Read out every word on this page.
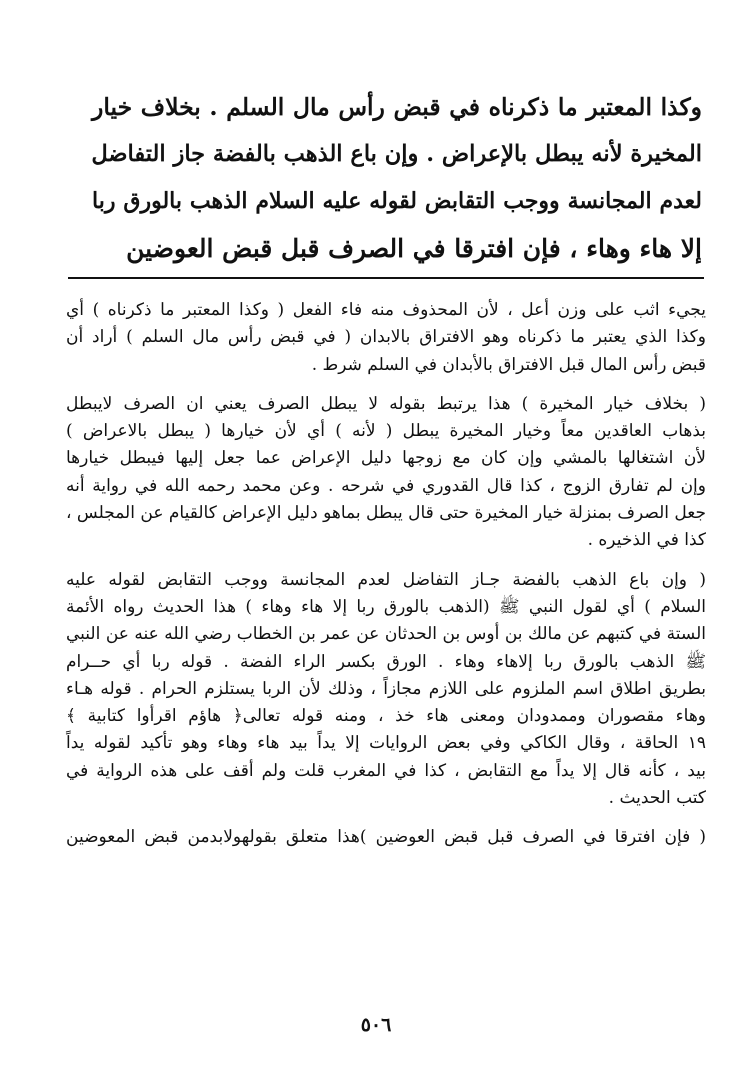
وكذا المعتبر ما ذكرناه في قبض رأس مال السلم . بخلاف خيار
المخيرة لأنه يبطل بالإعراض . وإن باع الذهب بالفضة جاز التفاضل
لعدم المجانسة ووجب التقابض لقوله عليه السلام الذهب بالورق ربا
إلا هاء وهاء ، فإن افترقا في الصرف قبل قبض العوضين
يجيء اثب على وزن أعل ، لأن المحذوف منه فاء الفعل ( وكذا المعتبر ما ذكرناه ) أي
وكذا الذي يعتبر ما ذكرناه وهو الافتراق بالابدان ( في قبض رأس مال السلم ) أراد أن
قبض رأس المال قبل الافتراق بالأبدان في السلم شرط .
( بخلاف خيار المخيرة ) هذا يرتبط بقوله لا يبطل الصرف يعني ان الصرف لايبطل
بذهاب العاقدين معاً وخيار المخيرة يبطل ( لأنه ) أي لأن خيارها ( يبطل بالاعراض )
لأن اشتغالها بالمشي وإن كان مع زوجها دليل الإعراض عما جعل إليها فيبطل خيارها
وإن لم تفارق الزوج ، كذا قال القدوري في شرحه . وعن محمد رحمه الله في رواية أنه
جعل الصرف بمنزلة خيار المخيرة حتى قال يبطل بماهو دليل الإعراض كالقيام عن المجلس ،
كذا في الذخيره .
( وإن باع الذهب بالفضة جـاز التفاضل لعدم المجانسة ووجب التقابض لقوله عليه
السلام ) أي لقول النبي ﷺ (الذهب بالورق ربا إلا هاء وهاء ) هذا الحديث رواه الأئمة
الستة في كتبهم عن مالك بن أوس بن الحدثان عن عمر بن الخطاب رضي الله عنه عن النبي
ﷺ الذهب بالورق ربا إلاهاء وهاء . الورق بكسر الراء الفضة . قوله ربا أي حــرام
بطريق اطلاق اسم الملزوم على اللازم مجازاً ، وذلك لأن الربا يستلزم الحرام . قوله هـاء
وهاء مقصوران وممدودان ومعنى هاء خذ ، ومنه قوله تعالى﴿ هاؤم اقرأوا كتابية ﴾
١٩ الحاقة ، وقال الكاكي وفي بعض الروايات إلا يداً بيد هاء وهاء وهو تأكيد لقوله يداً
بيد ، كأنه قال إلا يداً مع التقابض ، كذا في المغرب قلت ولم أقف على هذه الرواية في
كتب الحديث .
( فإن افترقا في الصرف قبل قبض العوضين )هذا متعلق بقولهولابدمن قبض المعوضين
٥٠٦
